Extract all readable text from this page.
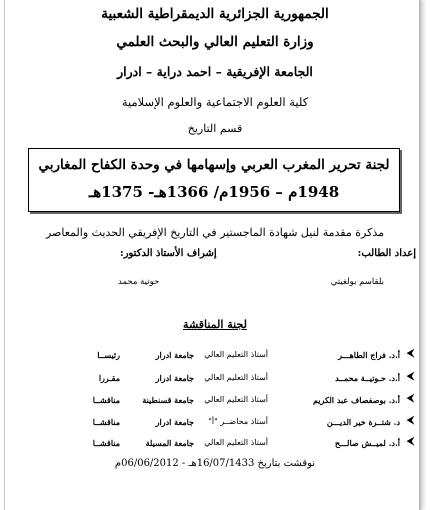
الجمهورية الجزائرية الديمقراطية الشعبية
وزارة التعليم العالي والبحث العلمي
الجامعة الإفريقية – احمد دراية – ادرار
كلية العلوم الاجتماعية والعلوم الإسلامية
قسم التاريخ
لجنة تحرير المغرب العربي وإسهامها في وحدة الكفاح المغاربي
1948م – 1956م/ 1366هـ- 1375هـ
مذكرة مقدمة لنيل شهادة الماجستير في التاريخ الإفريقي الحديث والمعاصر
إعداد الطالب:
إشراف الأستاذ الدكتور:
بلقاسم بولغيتي
حوتية محمد
لجنة المناقشة
⮜
أ.د. فراج الطاهـــر
أستاذ التعليم العالي
جامعة ادرار
رئيســا
⮜
أ.د. حـوتيــة محمــد
أستاذ التعليم العالي
جامعة ادرار
مقـررا
⮜
أ.د. بوصفصاف عبد الكريم
أستاذ التعليم العالي
جامعة قسنطينة
مناقشــا
⮜
د. شتــرة خير الديـــن
أستاذ محاضــر "أ"
جامعة ادرار
مناقشــا
⮜
أ.د. لميــش صالـــح
أستاذ التعليم العالي
جامعة المسيلة
مناقشــا
نوقشت بتاريخ 16/07/1433هـ - 06/06/2012م
